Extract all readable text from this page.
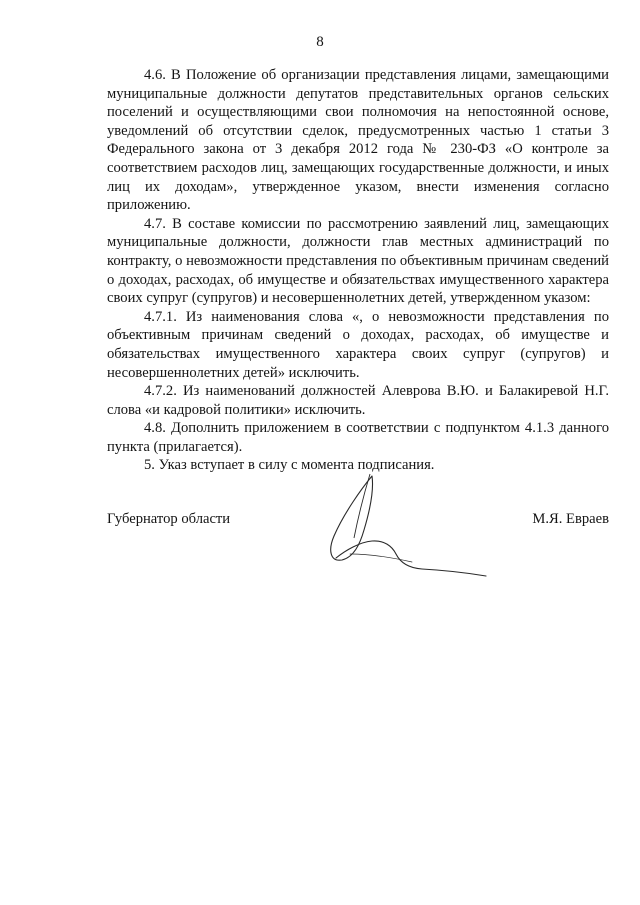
8

4.6. В Положение об организации представления лицами, замещающими муниципальные должности депутатов представительных органов сельских поселений и осуществляющими свои полномочия на непостоянной основе, уведомлений об отсутствии сделок, предусмотренных частью 1 статьи 3 Федерального закона от 3 декабря 2012 года № 230-ФЗ «О контроле за соответствием расходов лиц, замещающих государственные должности, и иных лиц их доходам», утвержденное указом, внести изменения согласно приложению.

4.7. В составе комиссии по рассмотрению заявлений лиц, замещающих муниципальные должности, должности глав местных администраций по контракту, о невозможности представления по объективным причинам сведений о доходах, расходах, об имуществе и обязательствах имущественного характера своих супруг (супругов) и несовершеннолетних детей, утвержденном указом:

4.7.1. Из наименования слова «, о невозможности представления по объективным причинам сведений о доходах, расходах, об имуществе и обязательствах имущественного характера своих супруг (супругов) и несовершеннолетних детей» исключить.

4.7.2. Из наименований должностей Алеврова В.Ю. и Балакиревой Н.Г. слова «и кадровой политики» исключить.

4.8. Дополнить приложением в соответствии с подпунктом 4.1.3 данного пункта (прилагается).

5. Указ вступает в силу с момента подписания.

Губернатор области	М.Я. Евраев
